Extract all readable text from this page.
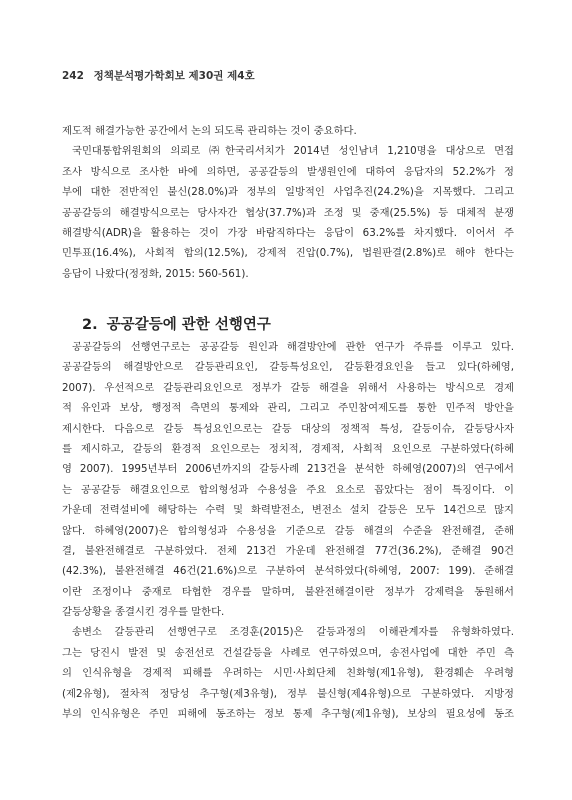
242 정책분석평가학회보 제30권 제4호
제도적 해결가능한 공간에서 논의 되도록 관리하는 것이 중요하다.
국민대통합위원회의 의뢰로 ㈜한국리서치가 2014년 성인남녀 1,210명을 대상으로 면접
조사 방식으로 조사한 바에 의하면, 공공갈등의 발생원인에 대하여 응답자의 52.2%가 정
부에 대한 전반적인 불신(28.0%)과 정부의 일방적인 사업추진(24.2%)을 지목했다. 그리고
공공갈등의 해결방식으로는 당사자간 협상(37.7%)과 조정 및 중재(25.5%) 등 대체적 분쟁
해결방식(ADR)을 활용하는 것이 가장 바람직하다는 응답이 63.2%를 차지했다. 이어서 주
민투표(16.4%), 사회적 합의(12.5%), 강제적 진압(0.7%), 법원판결(2.8%)로 해야 한다는
응답이 나왔다(정정화, 2015: 560-561).
2. 공공갈등에 관한 선행연구
공공갈등의 선행연구로는 공공갈등 원인과 해결방안에 관한 연구가 주류를 이루고 있다.
공공갈등의 해결방안으로 갈등관리요인, 갈등특성요인, 갈등환경요인을 들고 있다(하혜영,
2007). 우선적으로 갈등관리요인으로 정부가 갈등 해결을 위해서 사용하는 방식으로 경제
적 유인과 보상, 행정적 측면의 통제와 관리, 그리고 주민참여제도를 통한 민주적 방안을
제시한다. 다음으로 갈등 특성요인으로는 갈등 대상의 정책적 특성, 갈등이슈, 갈등당사자
를 제시하고, 갈등의 환경적 요인으로는 정치적, 경제적, 사회적 요인으로 구분하였다(하혜
영 2007). 1995년부터 2006년까지의 갈등사례 213건을 분석한 하혜영(2007)의 연구에서
는 공공갈등 해결요인으로 합의형성과 수용성을 주요 요소로 꼽았다는 점이 특징이다. 이
가운데 전력설비에 해당하는 수력 및 화력발전소, 변전소 설치 갈등은 모두 14건으로 많지
않다. 하혜영(2007)은 합의형성과 수용성을 기준으로 갈등 해결의 수준을 완전해결, 준해
결, 불완전해결로 구분하였다. 전체 213건 가운데 완전해결 77건(36.2%), 준해결 90건
(42.3%), 불완전해결 46건(21.6%)으로 구분하여 분석하였다(하혜영, 2007: 199). 준해결
이란 조정이나 중재로 타협한 경우를 말하며, 불완전해결이란 정부가 강제력을 동원해서
갈등상황을 종결시킨 경우를 말한다.
송변소 갈등관리 선행연구로 조경훈(2015)은 갈등과정의 이해관계자를 유형화하였다.
그는 당진시 발전 및 송전선로 건설갈등을 사례로 연구하였으며, 송전사업에 대한 주민 측
의 인식유형을 경제적 피해를 우려하는 시민·사회단체 친화형(제1유형), 환경훼손 우려형
(제2유형), 절차적 정당성 추구형(제3유형), 정부 불신형(제4유형)으로 구분하였다. 지방정
부의 인식유형은 주민 피해에 동조하는 정보 통제 추구형(제1유형), 보상의 필요성에 동조
